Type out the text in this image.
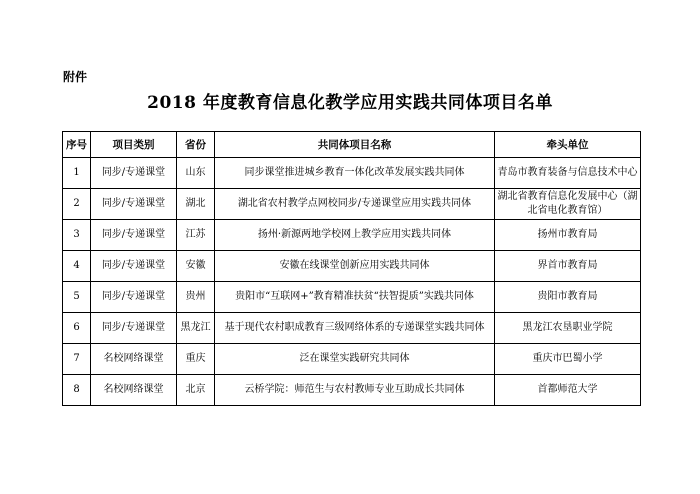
附件
2018 年度教育信息化教学应用实践共同体项目名单
序号	项目类别	省份	共同体项目名称	牵头单位
1	同步/专递课堂	山东	同步课堂推进城乡教育一体化改革发展实践共同体	青岛市教育装备与信息技术中心
2	同步/专递课堂	湖北	湖北省农村教学点网校同步/专递课堂应用实践共同体	湖北省教育信息化发展中心（湖北省电化教育馆）
3	同步/专递课堂	江苏	扬州·新源两地学校网上教学应用实践共同体	扬州市教育局
4	同步/专递课堂	安徽	安徽在线课堂创新应用实践共同体	界首市教育局
5	同步/专递课堂	贵州	贵阳市“互联网+”教育精准扶贫“扶智提质”实践共同体	贵阳市教育局
6	同步/专递课堂	黑龙江	基于现代农村职成教育三级网络体系的专递课堂实践共同体	黑龙江农垦职业学院
7	名校网络课堂	重庆	泛在课堂实践研究共同体	重庆市巴蜀小学
8	名校网络课堂	北京	云桥学院：师范生与农村教师专业互助成长共同体	首都师范大学
